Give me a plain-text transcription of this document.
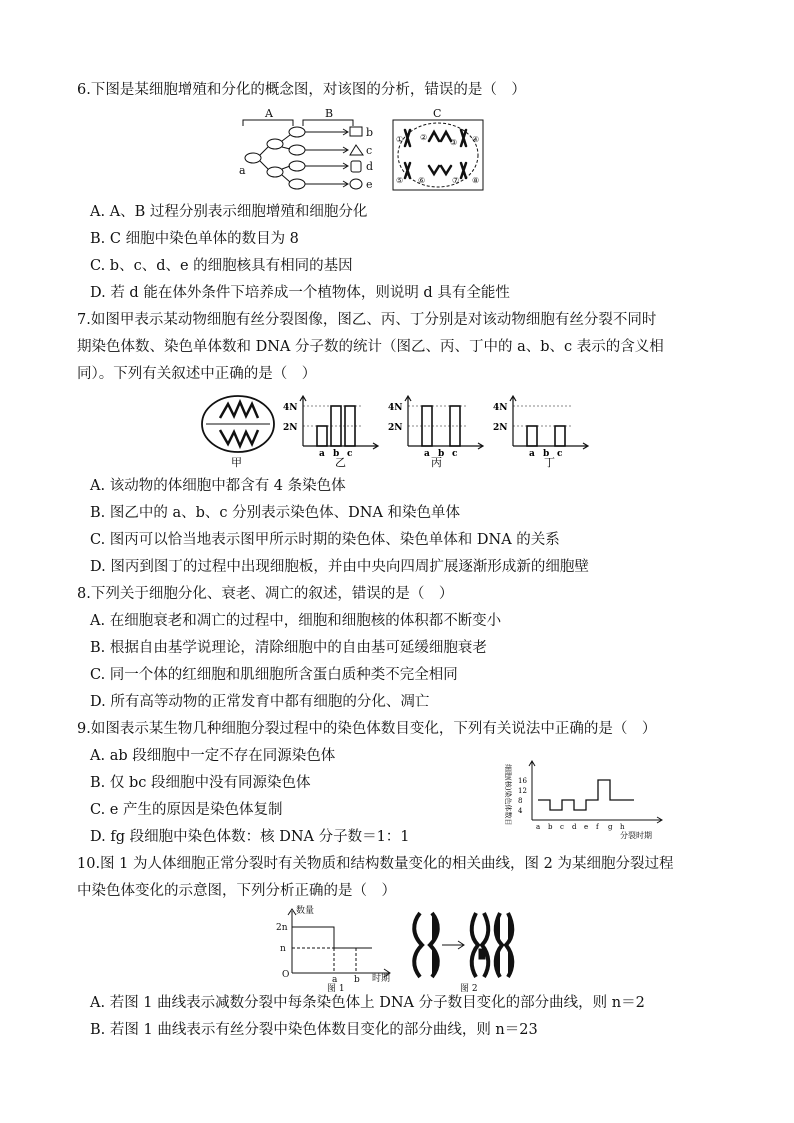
6.下图是某细胞增殖和分化的概念图，对该图的分析，错误的是（　）
A	B	C
a
b
c
d
e
① ②
③ ④
⑤ ⑥	⑦ ⑧
A. A、B 过程分别表示细胞增殖和细胞分化
B. C 细胞中染色单体的数目为 8
C. b、c、d、e 的细胞核具有相同的基因
D. 若 d 能在体外条件下培养成一个植物体，则说明 d 具有全能性
7.如图甲表示某动物细胞有丝分裂图像，图乙、丙、丁分别是对该动物细胞有丝分裂不同时
期染色体数、染色单体数和 DNA 分子数的统计（图乙、丙、丁中的 a、b、c 表示的含义相
同）。下列有关叙述中正确的是（　）
甲	乙	丙	丁
4N
2N
a b c
4N
2N
a b c
4N
2N
a b c
A. 该动物的体细胞中都含有 4 条染色体
B. 图乙中的 a、b、c 分别表示染色体、DNA 和染色单体
C. 图丙可以恰当地表示图甲所示时期的染色体、染色单体和 DNA 的关系
D. 图丙到图丁的过程中出现细胞板，并由中央向四周扩展逐渐形成新的细胞壁
8.下列关于细胞分化、衰老、凋亡的叙述，错误的是（　）
A. 在细胞衰老和凋亡的过程中，细胞和细胞核的体积都不断变小
B. 根据自由基学说理论，清除细胞中的自由基可延缓细胞衰老
C. 同一个体的红细胞和肌细胞所含蛋白质种类不完全相同
D. 所有高等动物的正常发育中都有细胞的分化、凋亡
9.如图表示某生物几种细胞分裂过程中的染色体数目变化，下列有关说法中正确的是（　）
A. ab 段细胞中一定不存在同源染色体
B. 仅 bc 段细胞中没有同源染色体
C. e 产生的原因是染色体复制
D. fg 段细胞中染色体数：核 DNA 分子数＝1：1
细胞(核)染色体数目 16
12
8
4
a b c d e f g h
分裂时期
10.图 1 为人体细胞正常分裂时有关物质和结构数量变化的相关曲线，图 2 为某细胞分裂过程
中染色体变化的示意图，下列分析正确的是（　）
数量
时期
2n
n
O	a b
图 1	图 2
A. 若图 1 曲线表示减数分裂中每条染色体上 DNA 分子数目变化的部分曲线，则 n＝2
B. 若图 1 曲线表示有丝分裂中染色体数目变化的部分曲线，则 n＝23
